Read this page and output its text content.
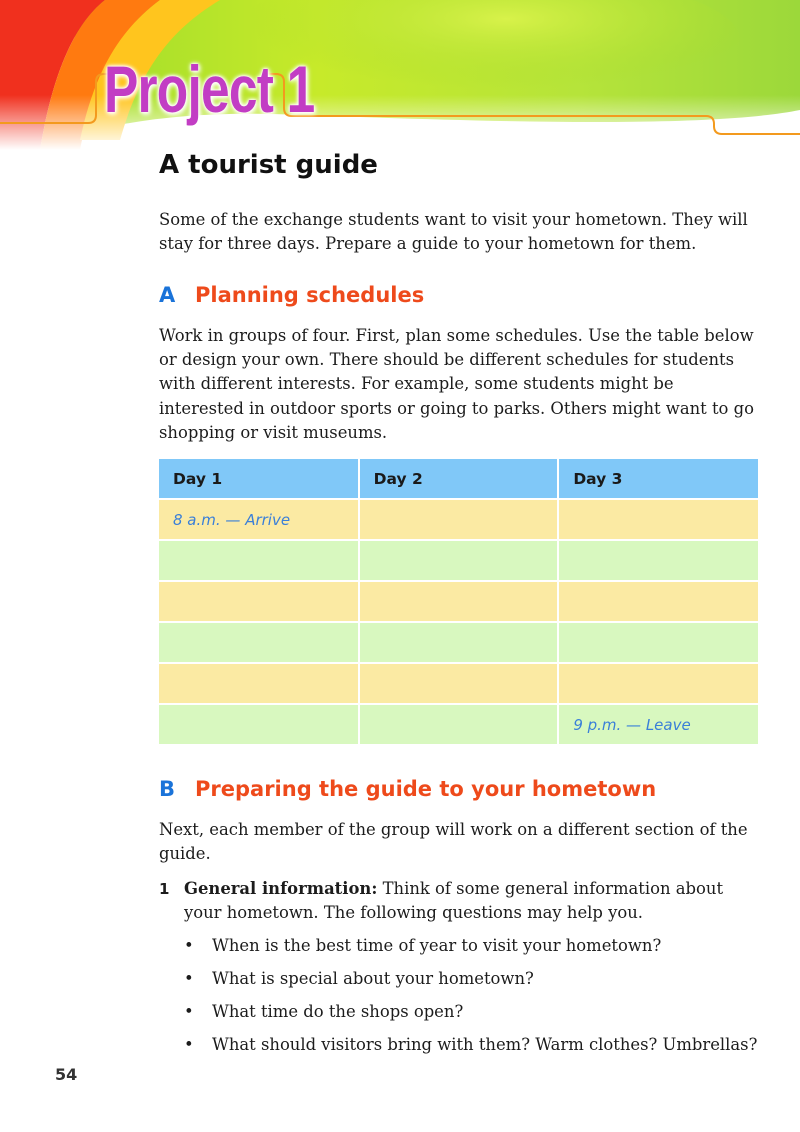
Project 1
A tourist guide

Some of the exchange students want to visit your hometown. They will stay for three days. Prepare a guide to your hometown for them.

A Planning schedules

Work in groups of four. First, plan some schedules. Use the table below or design your own. There should be different schedules for students with different interests. For example, some students might be interested in outdoor sports or going to parks. Others might want to go shopping or visit museums.

Day 1	Day 2	Day 3
8 a.m. — Arrive		

		9 p.m. — Leave
B Preparing the guide to your hometown

Next, each member of the group will work on a different section of the guide.

1 General information: Think of some general information about your hometown. The following questions may help you.
• When is the best time of year to visit your hometown?
• What is special about your hometown?
• What time do the shops open?
• What should visitors bring with them? Warm clothes? Umbrellas?
54
